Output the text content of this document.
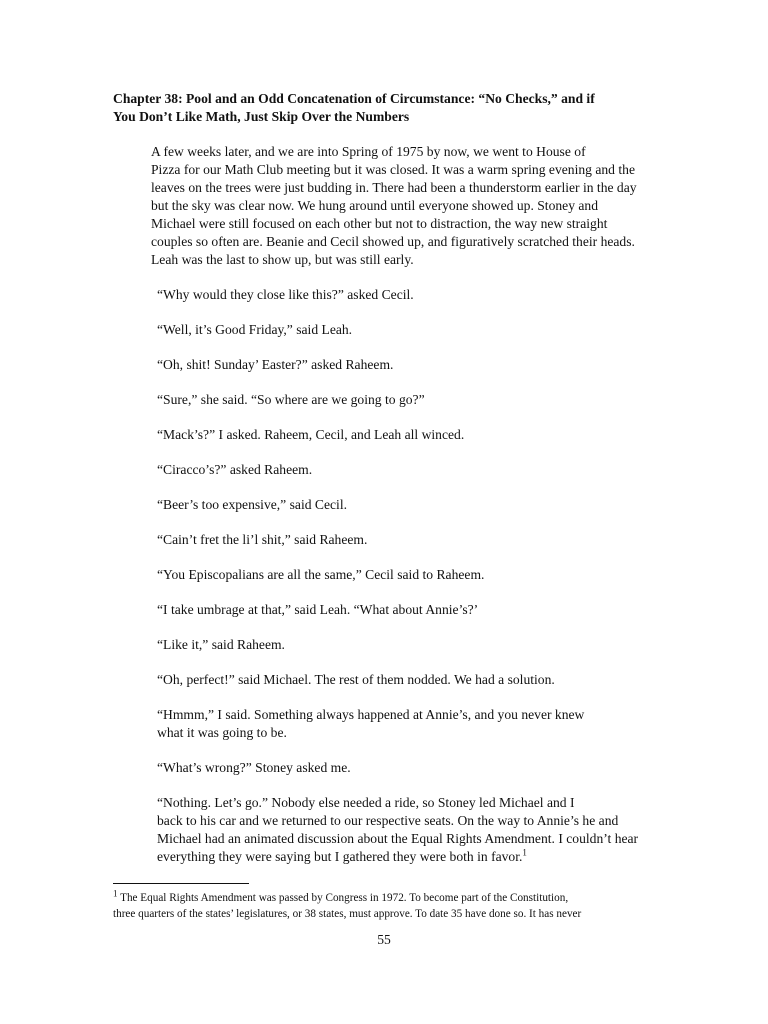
Chapter 38: Pool and an Odd Concatenation of Circumstance: “No Checks,” and if
You Don’t Like Math, Just Skip Over the Numbers

A few weeks later, and we are into Spring of 1975 by now, we went to House of
Pizza for our Math Club meeting but it was closed. It was a warm spring evening and the
leaves on the trees were just budding in. There had been a thunderstorm earlier in the day
but the sky was clear now. We hung around until everyone showed up. Stoney and
Michael were still focused on each other but not to distraction, the way new straight
couples so often are. Beanie and Cecil showed up, and figuratively scratched their heads.
Leah was the last to show up, but was still early.

“Why would they close like this?” asked Cecil.

“Well, it’s Good Friday,” said Leah.

“Oh, shit! Sunday’ Easter?” asked Raheem.

“Sure,” she said. “So where are we going to go?”

“Mack’s?” I asked. Raheem, Cecil, and Leah all winced.

“Ciracco’s?” asked Raheem.

“Beer’s too expensive,” said Cecil.

“Cain’t fret the li’l shit,” said Raheem.

“You Episcopalians are all the same,” Cecil said to Raheem.

“I take umbrage at that,” said Leah. “What about Annie’s?’

“Like it,” said Raheem.

“Oh, perfect!” said Michael. The rest of them nodded. We had a solution.

“Hmmm,” I said. Something always happened at Annie’s, and you never knew
what it was going to be.

“What’s wrong?” Stoney asked me.

“Nothing. Let’s go.” Nobody else needed a ride, so Stoney led Michael and I
back to his car and we returned to our respective seats. On the way to Annie’s he and
Michael had an animated discussion about the Equal Rights Amendment. I couldn’t hear
everything they were saying but I gathered they were both in favor.$^1$

$^1$ The Equal Rights Amendment was passed by Congress in 1972. To become part of the Constitution,
three quarters of the states’ legislatures, or 38 states, must approve. To date 35 have done so. It has never
55
